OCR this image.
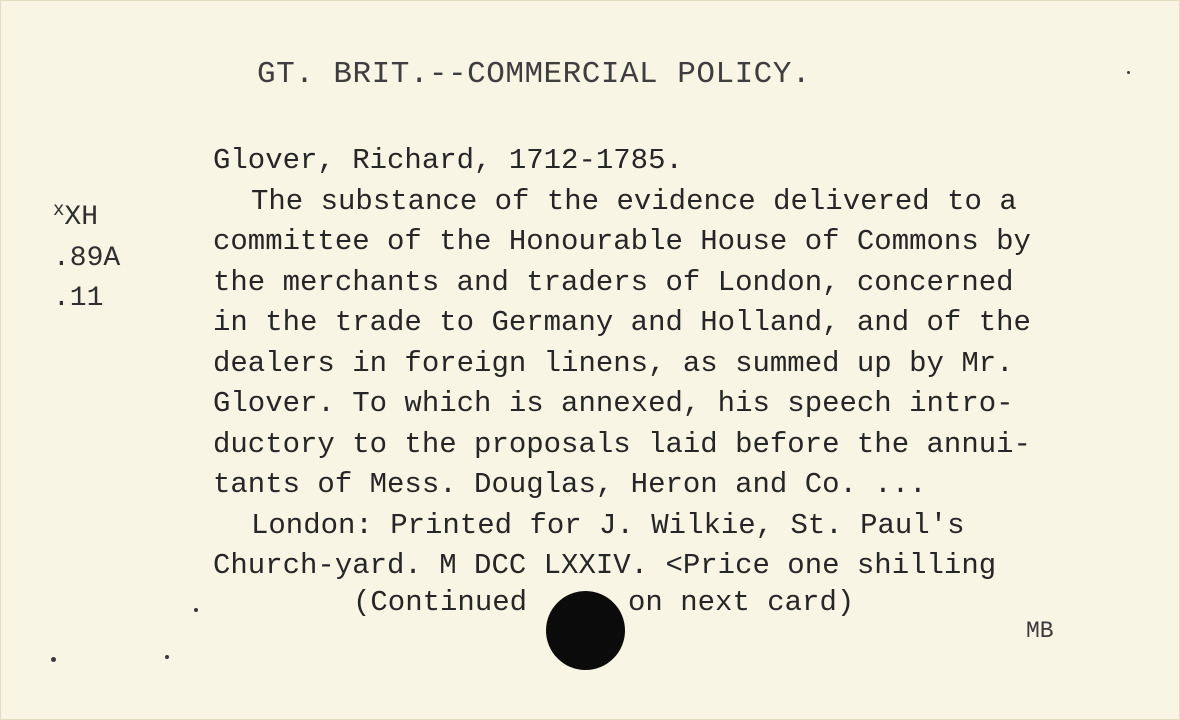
GT. BRIT.--COMMERCIAL POLICY.
$^x$XH
.89A
.11
Glover, Richard, 1712-1785.
The substance of the evidence delivered to a
committee of the Honourable House of Commons by
the merchants and traders of London, concerned
in the trade to Germany and Holland, and of the
dealers in foreign linens, as summed up by Mr.
Glover. To which is annexed, his speech intro-
ductory to the proposals laid before the annui-
tants of Mess. Douglas, Heron and Co. ...
London: Printed for J. Wilkie, St. Paul's
Church-yard. M DCC LXXIV. <Price one shilling
(Continued	on next card)
MB
